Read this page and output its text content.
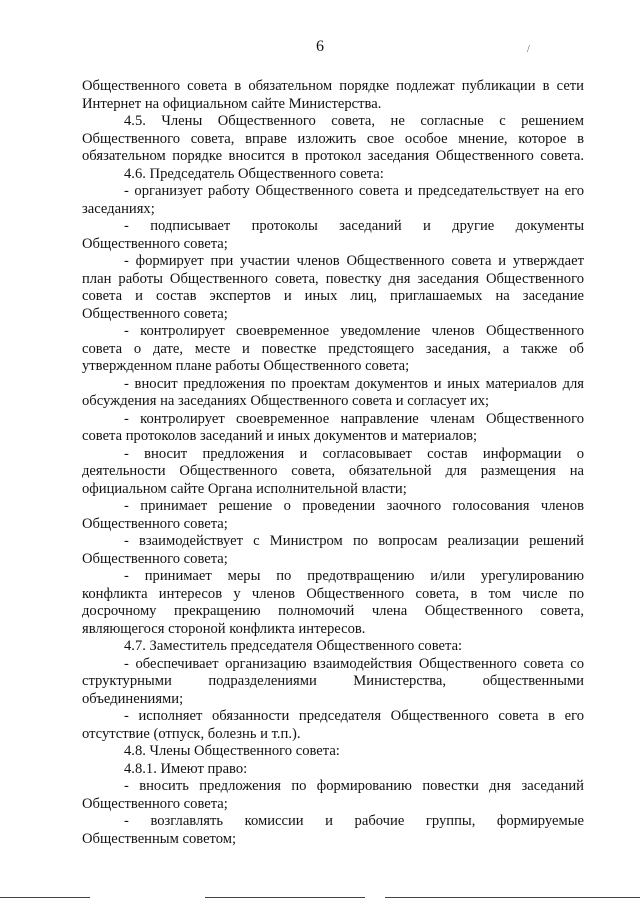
6	/
Общественного совета в обязательном порядке подлежат публикации в сети
Интернет на официальном сайте Министерства.
4.5. Члены Общественного совета, не согласные с решением
Общественного совета, вправе изложить свое особое мнение, которое в
обязательном порядке вносится в протокол заседания Общественного совета.
4.6. Председатель Общественного совета:
- организует работу Общественного совета и председательствует на его
заседаниях;
- подписывает протоколы заседаний и другие документы
Общественного совета;
- формирует при участии членов Общественного совета и утверждает
план работы Общественного совета, повестку дня заседания Общественного
совета и состав экспертов и иных лиц, приглашаемых на заседание
Общественного совета;
- контролирует своевременное уведомление членов Общественного
совета о дате, месте и повестке предстоящего заседания, а также об
утвержденном плане работы Общественного совета;
- вносит предложения по проектам документов и иных материалов для
обсуждения на заседаниях Общественного совета и согласует их;
- контролирует своевременное направление членам Общественного
совета протоколов заседаний и иных документов и материалов;
- вносит предложения и согласовывает состав информации о
деятельности Общественного совета, обязательной для размещения на
официальном сайте Органа исполнительной власти;
- принимает решение о проведении заочного голосования членов
Общественного совета;
- взаимодействует с Министром по вопросам реализации решений
Общественного совета;
- принимает меры по предотвращению и/или урегулированию
конфликта интересов у членов Общественного совета, в том числе по
досрочному прекращению полномочий члена Общественного совета,
являющегося стороной конфликта интересов.
4.7. Заместитель председателя Общественного совета:
- обеспечивает организацию взаимодействия Общественного совета со
структурными подразделениями Министерства, общественными
объединениями;
- исполняет обязанности председателя Общественного совета в его
отсутствие (отпуск, болезнь и т.п.).
4.8. Члены Общественного совета:
4.8.1. Имеют право:
- вносить предложения по формированию повестки дня заседаний
Общественного совета;
- возглавлять комиссии и рабочие группы, формируемые
Общественным советом;
